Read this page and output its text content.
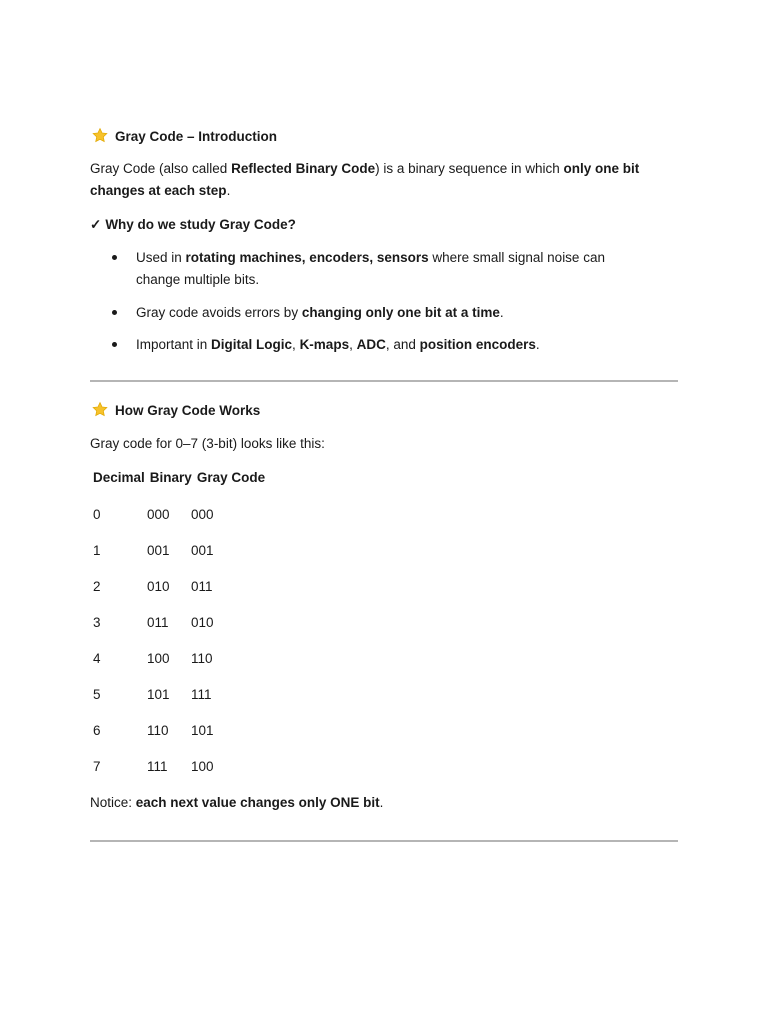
Gray Code – Introduction

Gray Code (also called Reflected Binary Code) is a binary sequence in which only one bit changes at each step.

✓ Why do we study Gray Code?
Used in rotating machines, encoders, sensors where small signal noise can change multiple bits.
Gray code avoids errors by changing only one bit at a time.
Important in Digital Logic, K-maps, ADC, and position encoders.
How Gray Code Works

Gray code for 0–7 (3-bit) looks like this:

Decimal Binary Gray Code
0	000 000
1	001 001
2	010 011
3	011 010
4	100 110
5	101 111
6	110 101
7	111 100

Notice: each next value changes only ONE bit.
